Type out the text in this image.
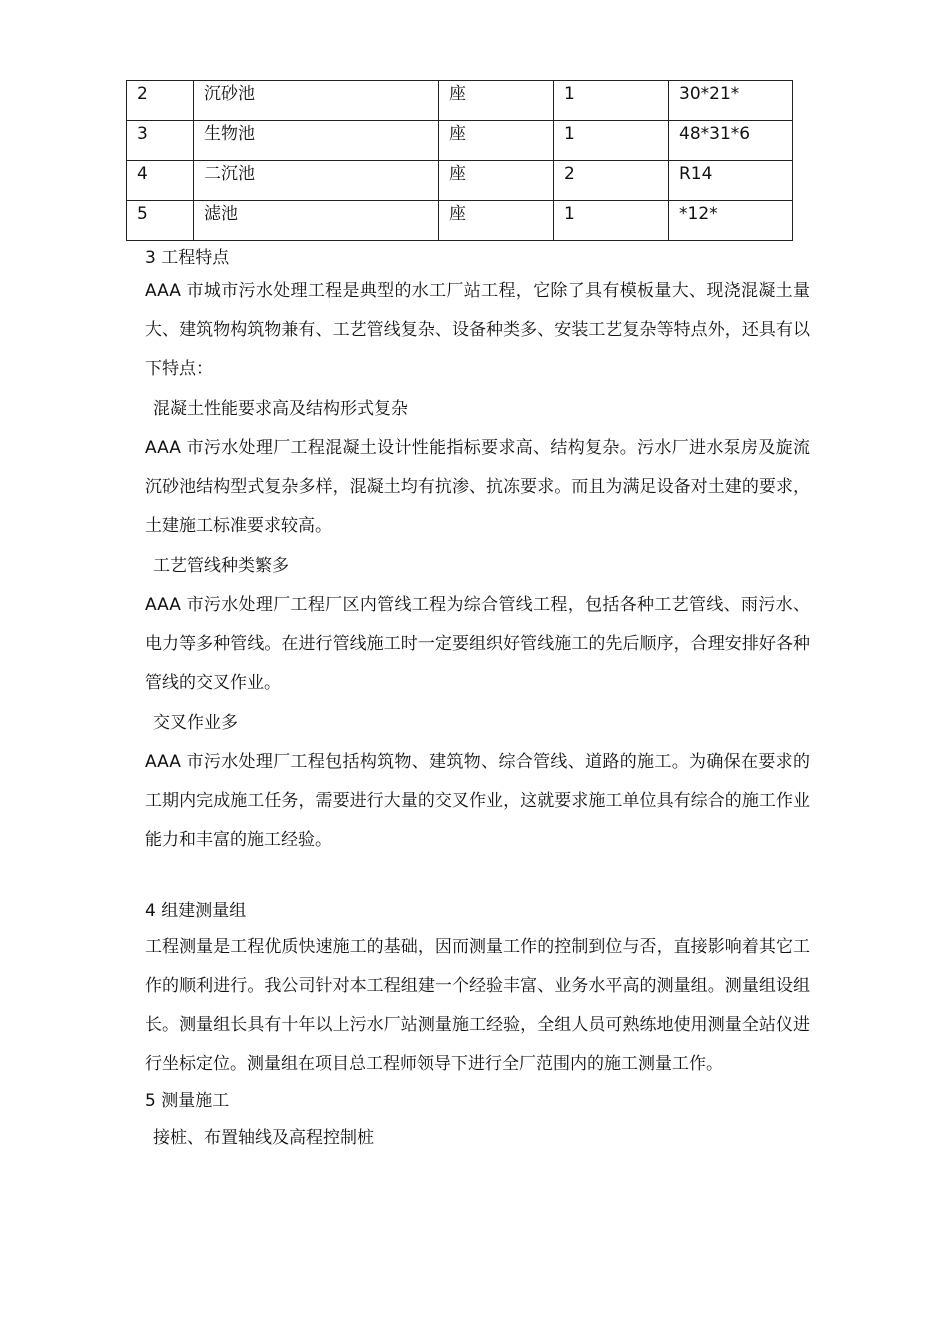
2	沉砂池	座	1	30*21*
3	生物池	座	1	48*31*6
4	二沉池	座	2	R14
5	滤池	座	1	*12*

3 工程特点

AAA 市城市污水处理工程是典型的水工厂站工程，它除了具有模板量大、现浇混凝土量大、建筑物构筑物兼有、工艺管线复杂、设备种类多、安装工艺复杂等特点外，还具有以下特点：

混凝土性能要求高及结构形式复杂

AAA 市污水处理厂工程混凝土设计性能指标要求高、结构复杂。污水厂进水泵房及旋流沉砂池结构型式复杂多样，混凝土均有抗渗、抗冻要求。而且为满足设备对土建的要求，土建施工标准要求较高。

工艺管线种类繁多

AAA 市污水处理厂工程厂区内管线工程为综合管线工程，包括各种工艺管线、雨污水、电力等多种管线。在进行管线施工时一定要组织好管线施工的先后顺序，合理安排好各种管线的交叉作业。

交叉作业多

AAA 市污水处理厂工程包括构筑物、建筑物、综合管线、道路的施工。为确保在要求的工期内完成施工任务，需要进行大量的交叉作业，这就要求施工单位具有综合的施工作业能力和丰富的施工经验。

4 组建测量组

工程测量是工程优质快速施工的基础，因而测量工作的控制到位与否，直接影响着其它工作的顺利进行。我公司针对本工程组建一个经验丰富、业务水平高的测量组。测量组设组长。测量组长具有十年以上污水厂站测量施工经验，全组人员可熟练地使用测量全站仪进行坐标定位。测量组在项目总工程师领导下进行全厂范围内的施工测量工作。

5 测量施工

接桩、布置轴线及高程控制桩
